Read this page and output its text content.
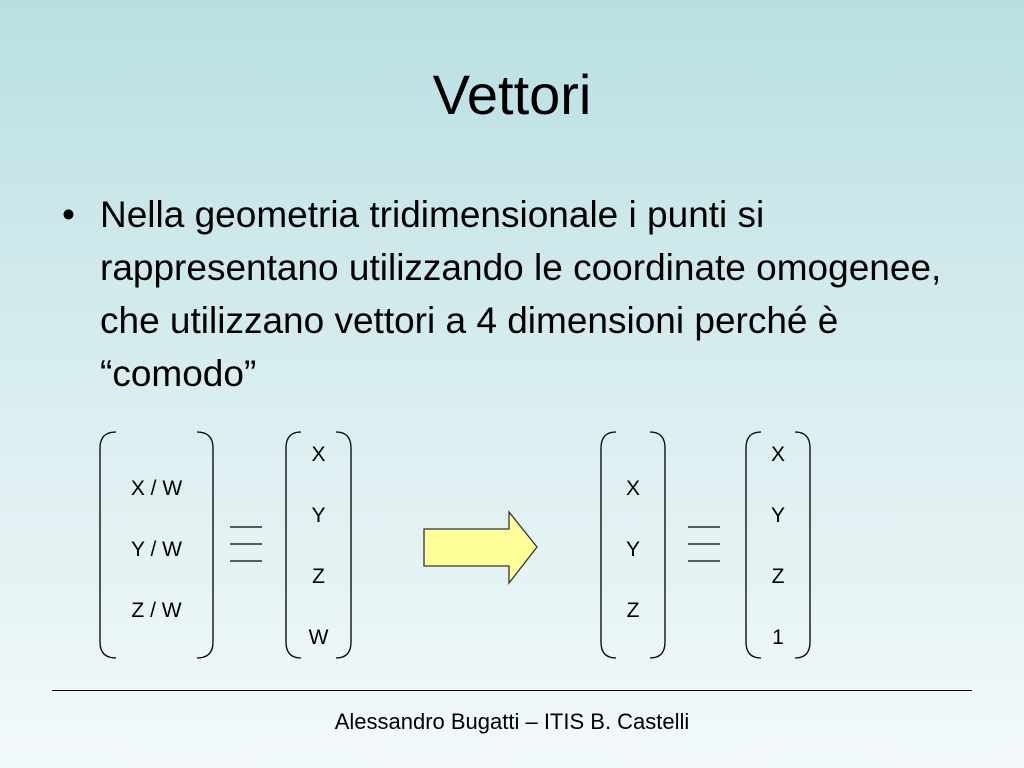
Vettori
• Nella geometria tridimensionale i punti si rappresentano utilizzando le coordinate omogenee, che utilizzano vettori a 4 dimensioni perché è “comodo”
X / W
Y / W
Z / W
X
Y
Z
W
X
Y
Z
X
Y
Z
1
Alessandro Bugatti – ITIS B. Castelli
